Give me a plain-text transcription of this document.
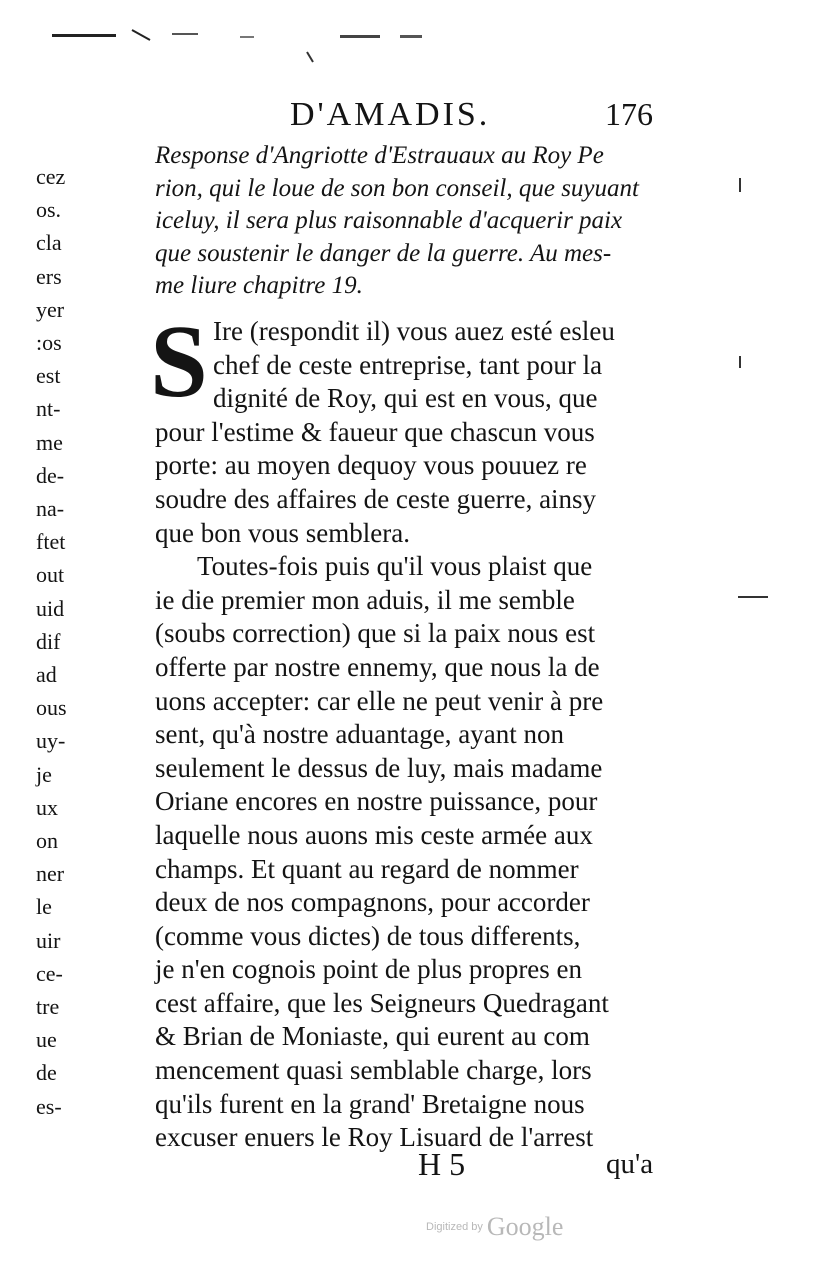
D'AMADIS.	176
Response d'Angriotte d'Estrauaux au Roy Pe
rion, qui le loue de son bon conseil, que suyuant
iceluy, il sera plus raisonnable d'acquerir paix
que soustenir le danger de la guerre. Au mes-
me liure chapitre 19.
S Ire (respondit il) vous auez esté esleu
chef de ceste entreprise, tant pour la
dignité de Roy, qui est en vous, que
pour l'estime & faueur que chascun vous
porte: au moyen dequoy vous pouuez re
soudre des affaires de ceste guerre, ainsy
que bon vous semblera.
Toutes-fois puis qu'il vous plaist que
ie die premier mon aduis, il me semble
(soubs correction) que si la paix nous est
offerte par nostre ennemy, que nous la de
uons accepter: car elle ne peut venir à pre
sent, qu'à nostre aduantage, ayant non
seulement le dessus de luy, mais madame
Oriane encores en nostre puissance, pour
laquelle nous auons mis ceste armée aux
champs. Et quant au regard de nommer
deux de nos compagnons, pour accorder
(comme vous dictes) de tous differents,
je n'en cognois point de plus propres en
cest affaire, que les Seigneurs Quedragant
& Brian de Moniaste, qui eurent au com
mencement quasi semblable charge, lors
qu'ils furent en la grand' Bretaigne nous
excuser enuers le Roy Lisuard de l'arrest
H 5	qu'a
cez
os.
cla
ers
yer
:os
est
nt-
me
de-
na-
ftet
out
uid
dif
ad
ous
uy-
je
ux
on
ner
le
uir
ce-
tre
ue
de
es-
Digitized by Google
